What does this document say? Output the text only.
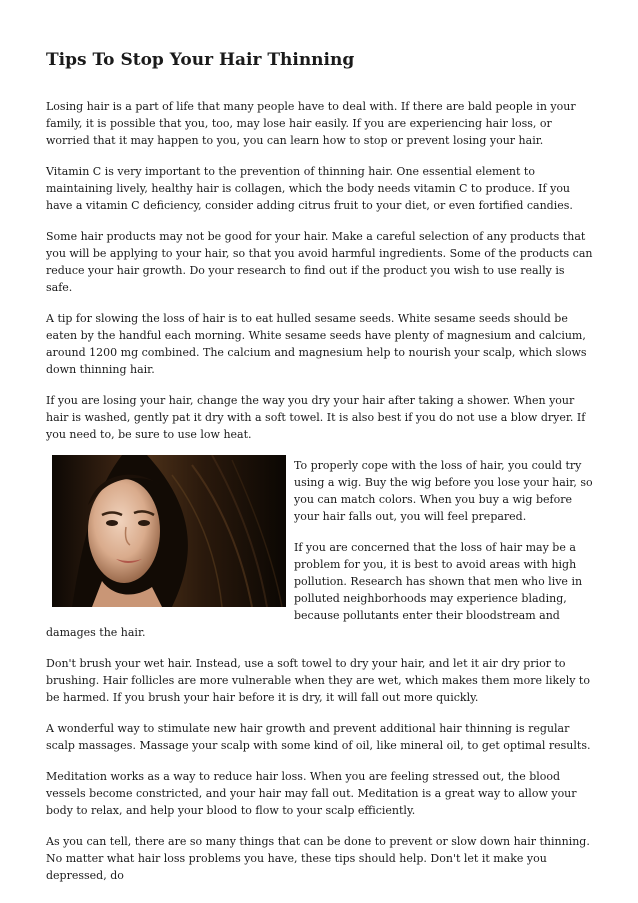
Tips To Stop Your Hair Thinning

Losing hair is a part of life that many people have to deal with. If there are bald people in your family, it is possible that you, too, may lose hair easily. If you are experiencing hair loss, or worried that it may happen to you, you can learn how to stop or prevent losing your hair.

Vitamin C is very important to the prevention of thinning hair. One essential element to maintaining lively, healthy hair is collagen, which the body needs vitamin C to produce. If you have a vitamin C deficiency, consider adding citrus fruit to your diet, or even fortified candies.

Some hair products may not be good for your hair. Make a careful selection of any products that you will be applying to your hair, so that you avoid harmful ingredients. Some of the products can reduce your hair growth. Do your research to find out if the product you wish to use really is safe.

A tip for slowing the loss of hair is to eat hulled sesame seeds. White sesame seeds should be eaten by the handful each morning. White sesame seeds have plenty of magnesium and calcium, around 1200 mg combined. The calcium and magnesium help to nourish your scalp, which slows down thinning hair.

If you are losing your hair, change the way you dry your hair after taking a shower. When your hair is washed, gently pat it dry with a soft towel. It is also best if you do not use a blow dryer. If you need to, be sure to use low heat.

To properly cope with the loss of hair, you could try using a wig. Buy the wig before you lose your hair, so you can match colors. When you buy a wig before your hair falls out, you will feel prepared.

If you are concerned that the loss of hair may be a problem for you, it is best to avoid areas with high pollution. Research has shown that men who live in polluted neighborhoods may experience blading, because pollutants enter their bloodstream and damages the hair.

Don't brush your wet hair. Instead, use a soft towel to dry your hair, and let it air dry prior to brushing. Hair follicles are more vulnerable when they are wet, which makes them more likely to be harmed. If you brush your hair before it is dry, it will fall out more quickly.

A wonderful way to stimulate new hair growth and prevent additional hair thinning is regular scalp massages. Massage your scalp with some kind of oil, like mineral oil, to get optimal results.

Meditation works as a way to reduce hair loss. When you are feeling stressed out, the blood vessels become constricted, and your hair may fall out. Meditation is a great way to allow your body to relax, and help your blood to flow to your scalp efficiently.

As you can tell, there are so many things that can be done to prevent or slow down hair thinning. No matter what hair loss problems you have, these tips should help. Don't let it make you depressed, do
